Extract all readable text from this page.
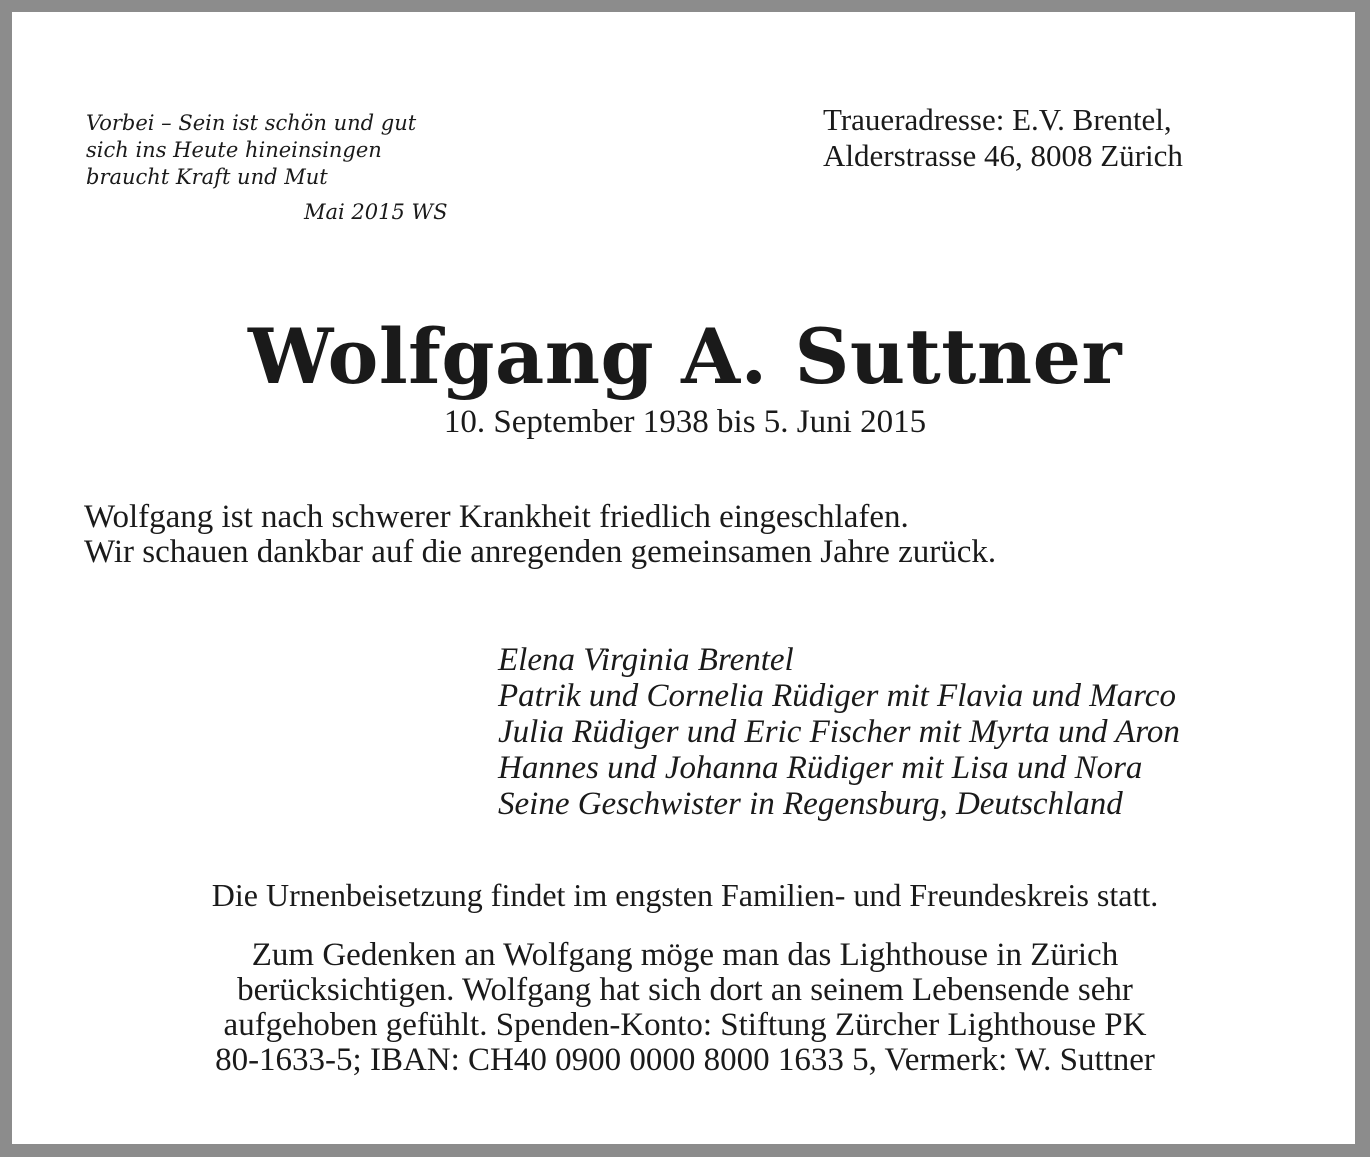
Vorbei – Sein ist schön und gut
sich ins Heute hineinsingen
braucht Kraft und Mut
Mai 2015 WS
Traueradresse: E.V. Brentel,
Alderstrasse 46, 8008 Zürich
Wolfgang A. Suttner
10. September 1938 bis 5. Juni 2015
Wolfgang ist nach schwerer Krankheit friedlich eingeschlafen.
Wir schauen dankbar auf die anregenden gemeinsamen Jahre zurück.
Elena Virginia Brentel
Patrik und Cornelia Rüdiger mit Flavia und Marco
Julia Rüdiger und Eric Fischer mit Myrta und Aron
Hannes und Johanna Rüdiger mit Lisa und Nora
Seine Geschwister in Regensburg, Deutschland
Die Urnenbeisetzung findet im engsten Familien- und Freundeskreis statt.
Zum Gedenken an Wolfgang möge man das Lighthouse in Zürich
berücksichtigen. Wolfgang hat sich dort an seinem Lebensende sehr
aufgehoben gefühlt. Spenden-Konto: Stiftung Zürcher Lighthouse PK
80-1633-5; IBAN: CH40 0900 0000 8000 1633 5, Vermerk: W. Suttner
